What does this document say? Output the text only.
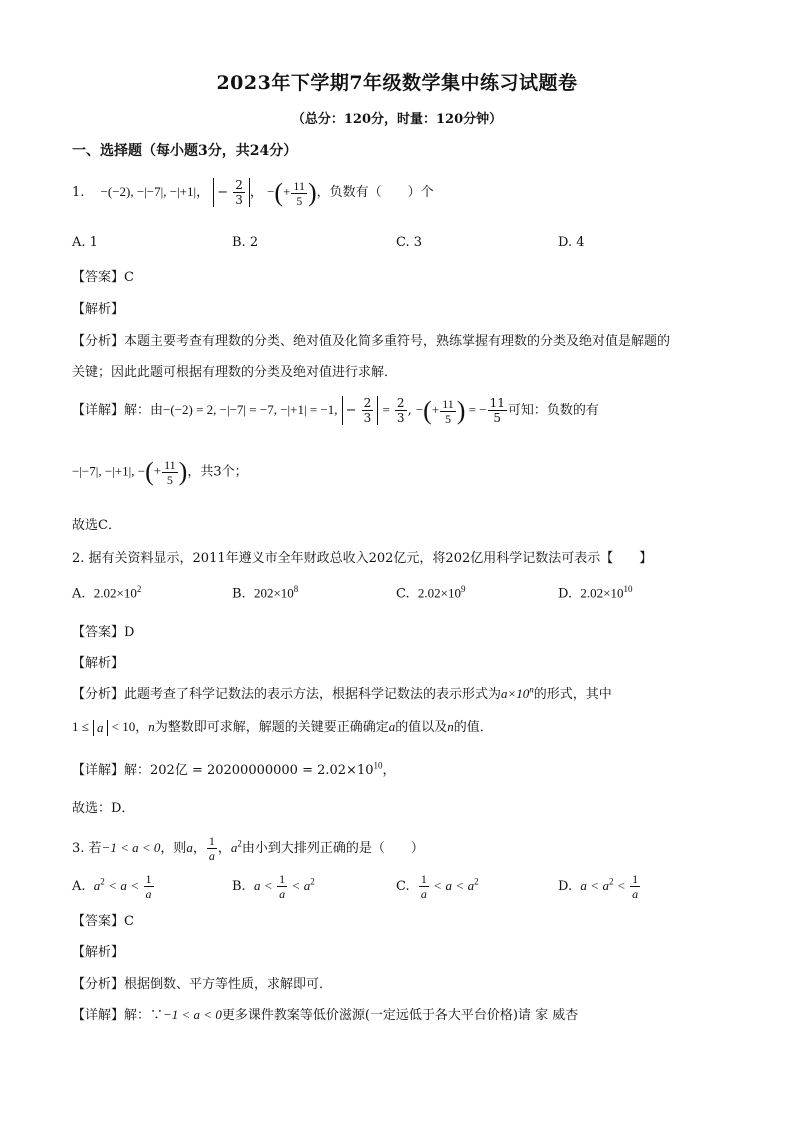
2023年下学期7年级数学集中练习试题卷
（总分：120分，时量：120分钟）
一、选择题（每小题3分，共24分）
1. −(−2), −|−7|, −|+1|， − $\frac{2}{3}$ ， −(+ $\frac{11}{5}$ )，负数有（　　）个
A. 1	B. 2	C. 3	D. 4
【答案】C
【解析】
【分析】本题主要考查有理数的分类、绝对值及化简多重符号，熟练掌握有理数的分类及绝对值是解题的
关键；因此此题可根据有理数的分类及绝对值进行求解．
【详解】解：由−(−2) = 2, −|−7| = −7, −|+1| = −1, − $\frac{2}{3} = \frac{2}{3}$ , −(+ $\frac{11}{5}$ ) = − $\frac{11}{5}$ 可知：负数的有
−|−7|, −|+1|, −(+ $\frac{11}{5}$ )，共3个；
故选C．
2. 据有关资料显示，2011年遵义市全年财政总收入202亿元，将202亿用科学记数法可表示【　　】
A. $2.02\times 10^2$	B. $202\times 10^8$	C. $2.02\times 10^9$	D. $2.02\times 10^{10}$
【答案】D
【解析】
【分析】此题考查了科学记数法的表示方法，根据科学记数法的表示形式为$a\times 10^n$的形式，其中
1 ≤ a < 10，n为整数即可求解，解题的关键要正确确定a的值以及n的值．
【详解】解：202亿 = $20200000000 = 2.02\times 10^{10}$，
故选：D．
3. 若−1 < a < 0，则a， $\frac{1}{a}$ ，$a^2$由小到大排列正确的是（　　）
A. $a^2 < a < \frac{1}{a}$	B. $a < \frac{1}{a} < a^2$	C. $\frac{1}{a} < a < a^2$	D. $a < a^2 < \frac{1}{a}$
【答案】C
【解析】
【分析】根据倒数、平方等性质，求解即可．
【详解】解：∵−1 < a < 0更多课件教案等低价滋源(一定远低于各大平台价格)请 家 威杏
